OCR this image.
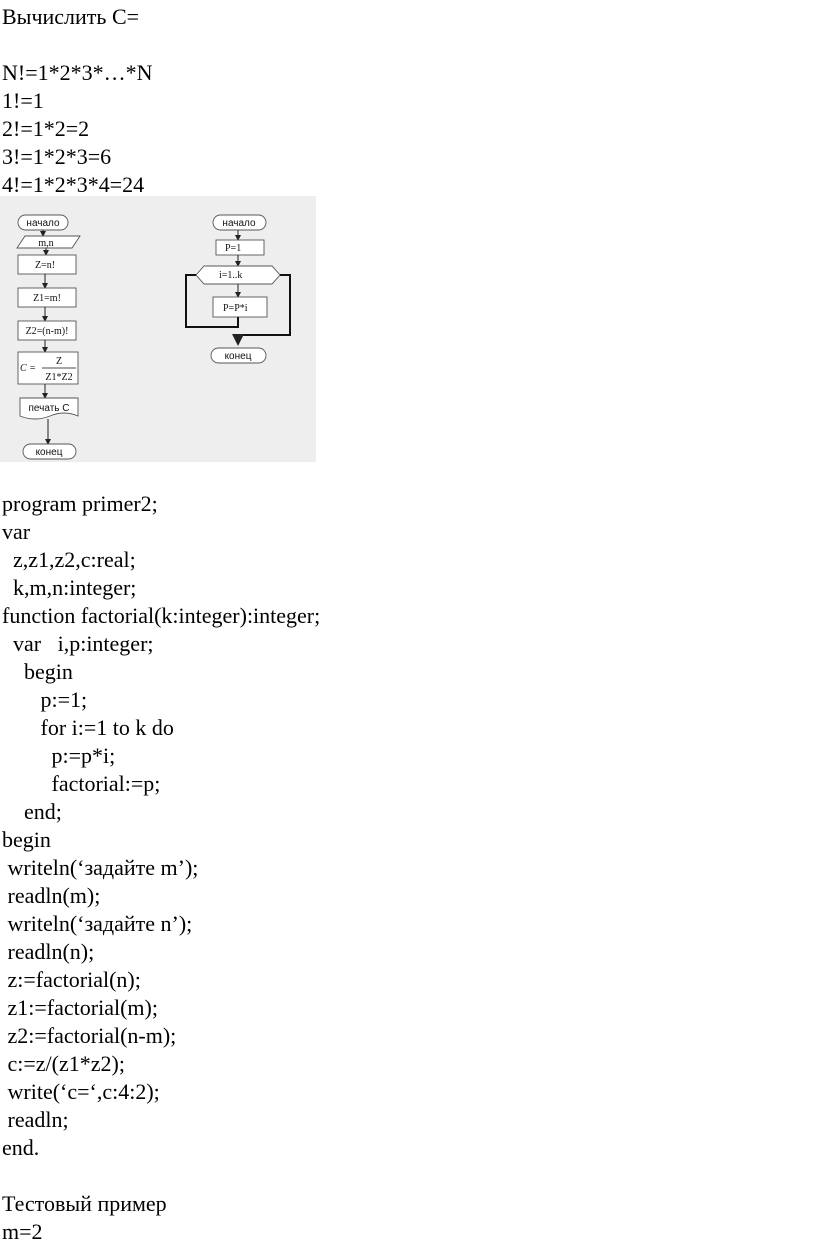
Вычислить С=
N!=1*2*3*…*N
1!=1
2!=1*2=2
3!=1*2*3=6
4!=1*2*3*4=24
начало
m,n
Z=n!
Z1=m!
Z2=(n-m)!
C =
Z
Z1*Z2
печать С
конец
начало
P=1
i=1..k
P=P*i
конец
program primer2;
var
z,z1,z2,c:real;
k,m,n:integer;
function factorial(k:integer):integer;
var   i,p:integer;
begin
p:=1;
for i:=1 to k do
p:=p*i;
factorial:=p;
end;
begin
writeln(‘задайте m’);
readln(m);
writeln(‘задайте n’);
readln(n);
z:=factorial(n);
z1:=factorial(m);
z2:=factorial(n-m);
c:=z/(z1*z2);
write(‘c=‘,c:4:2);
readln;
end.
Тестовый пример
m=2
